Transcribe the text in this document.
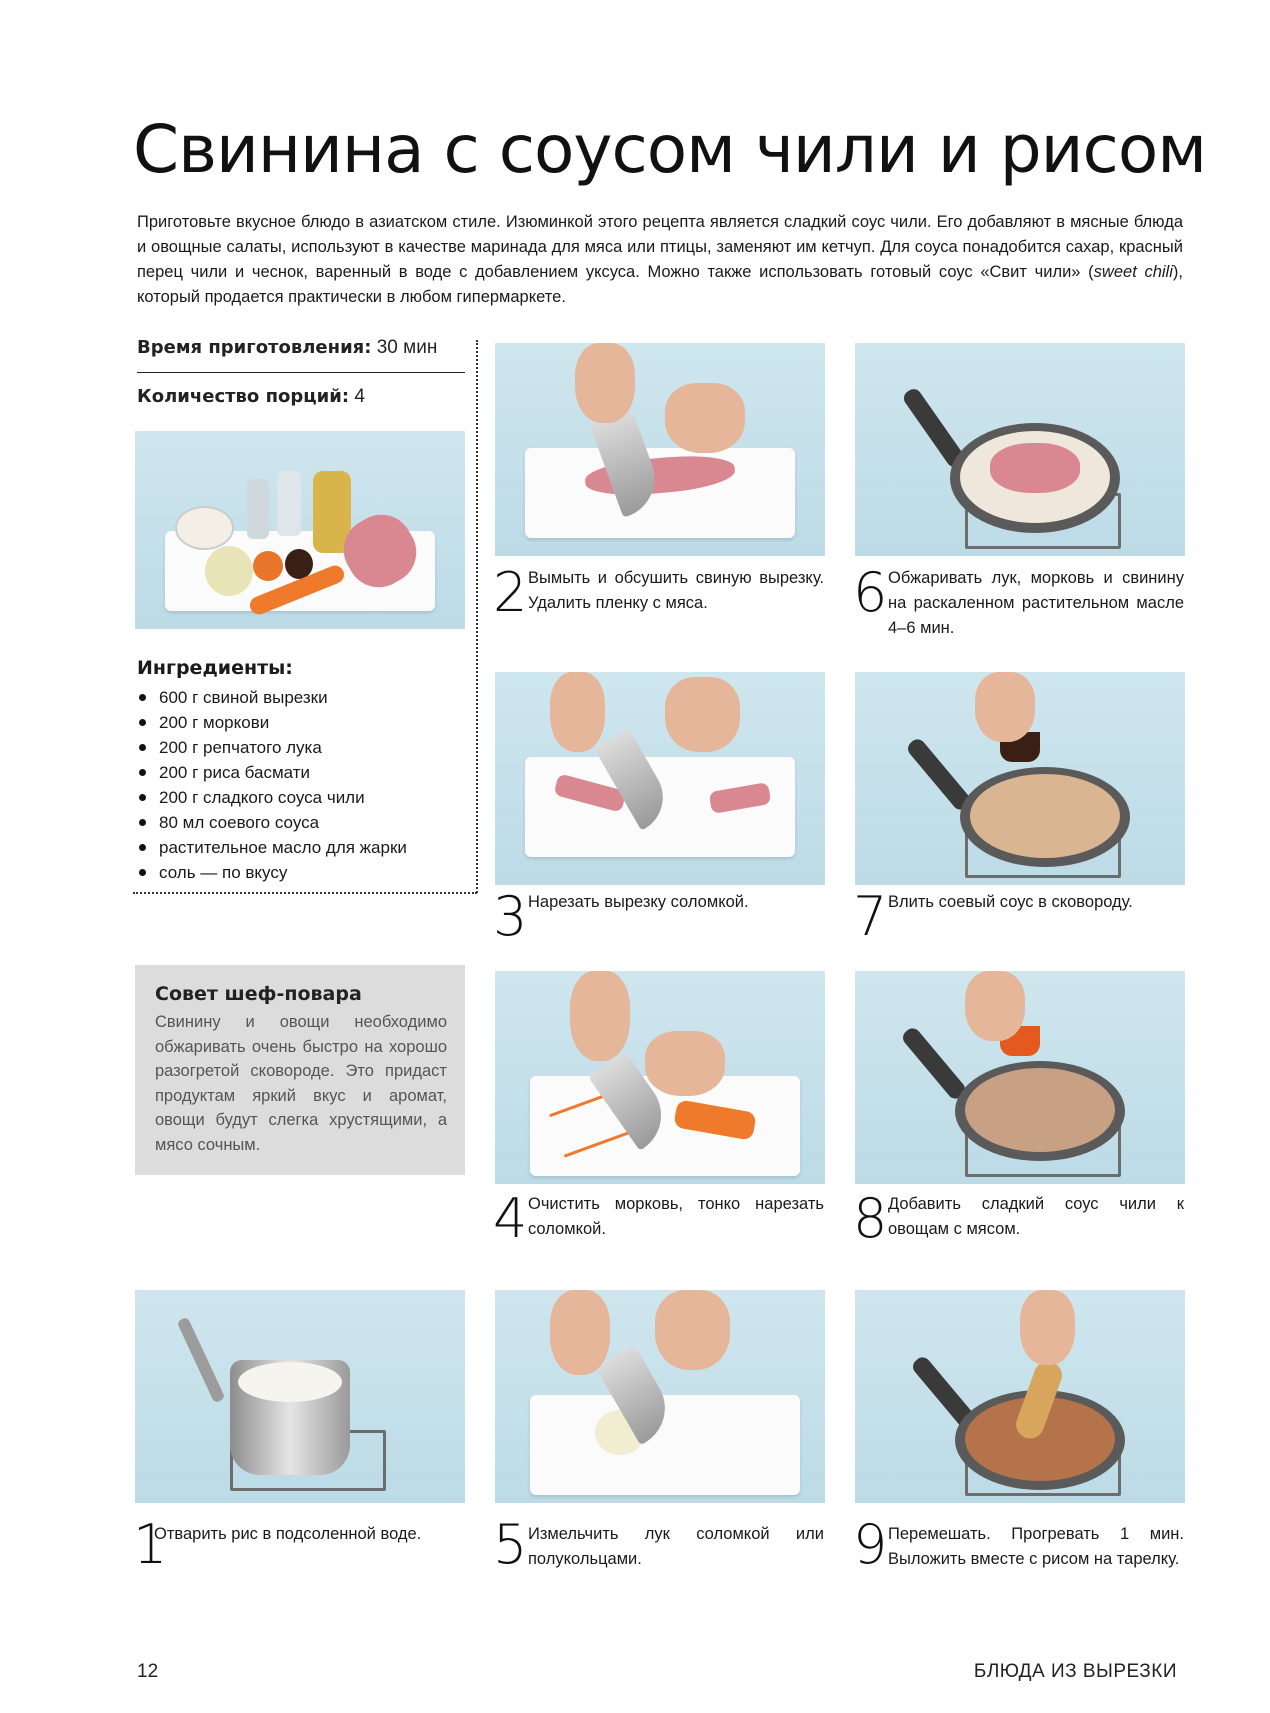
Свинина с соусом чили и рисом

Приготовьте вкусное блюдо в азиатском стиле. Изюминкой этого рецепта является сладкий соус чили. Его добавляют в мясные блюда и овощные салаты, используют в качестве маринада для мяса или птицы, заменяют им кетчуп. Для соуса понадобится сахар, красный перец чили и чеснок, варенный в воде с добавлением уксуса. Можно также использовать готовый соус «Свит чили» (sweet chili), который продается практически в любом гипермаркете.

Время приготовления: 30 мин
Количество порций: 4
Ингредиенты:
600 г свиной вырезки
200 г моркови
200 г репчатого лука
200 г риса басмати
200 г сладкого соуса чили
80 мл соевого соуса
растительное масло для жарки
соль — по вкусу
Совет шеф-повара

Свинину и овощи необходимо обжаривать очень быстро на хорошо разогретой сковороде. Это придаст продуктам яркий вкус и аромат, овощи будут слегка хрустящими, а мясо сочным.

1

Отварить рис в подсоленной воде.

2 Вымыть и обсушить свиную вырезку. Удалить пленку с мяса.

3 Нарезать вырезку соломкой.

4 Очистить морковь, тонко нарезать соломкой.

5 Измельчить лук соломкой или полукольцами.

6 Обжаривать лук, морковь и свинину на раскаленном растительном масле 4–6 мин.

7 Влить соевый соус в сковороду.

8 Добавить сладкий соус чили к овощам с мясом.

9 Перемешать. Прогревать 1 мин. Выложить вместе с рисом на тарелку.

12	БЛЮДА ИЗ ВЫРЕЗКИ
